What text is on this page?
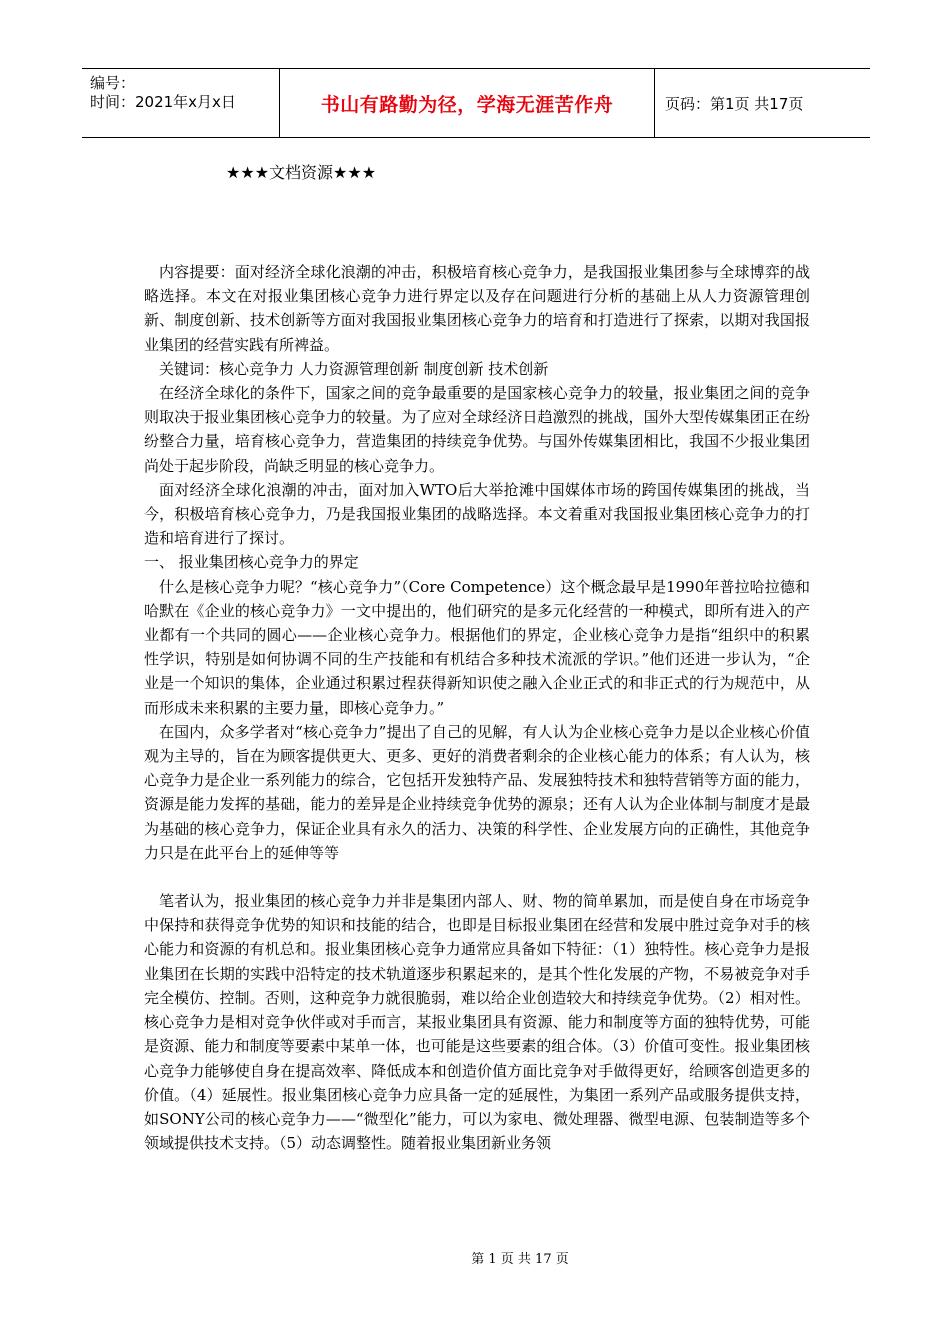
编号：
时间：2021年x月x日	书山有路勤为径，学海无涯苦作舟	页码：第1页 共17页
★★★文档资源★★★

内容提要：面对经济全球化浪潮的冲击，积极培育核心竞争力，是我国报业集团参与全球博弈的战略选择。本文在对报业集团核心竞争力进行界定以及存在问题进行分析的基础上从人力资源管理创新、制度创新、技术创新等方面对我国报业集团核心竞争力的培育和打造进行了探索，以期对我国报业集团的经营实践有所裨益。

关键词：核心竞争力 人力资源管理创新 制度创新 技术创新

在经济全球化的条件下，国家之间的竞争最重要的是国家核心竞争力的较量，报业集团之间的竞争则取决于报业集团核心竞争力的较量。为了应对全球经济日趋激烈的挑战，国外大型传媒集团正在纷纷整合力量，培育核心竞争力，营造集团的持续竞争优势。与国外传媒集团相比，我国不少报业集团尚处于起步阶段，尚缺乏明显的核心竞争力。

面对经济全球化浪潮的冲击，面对加入WTO后大举抢滩中国媒体市场的跨国传媒集团的挑战，当今，积极培育核心竞争力，乃是我国报业集团的战略选择。本文着重对我国报业集团核心竞争力的打造和培育进行了探讨。

一、 报业集团核心竞争力的界定

什么是核心竞争力呢？“核心竞争力”（Core Competence）这个概念最早是1990年普拉哈拉德和哈默在《企业的核心竞争力》一文中提出的，他们研究的是多元化经营的一种模式，即所有进入的产业都有一个共同的圆心——企业核心竞争力。根据他们的界定，企业核心竞争力是指“组织中的积累性学识，特别是如何协调不同的生产技能和有机结合多种技术流派的学识。”他们还进一步认为，“企业是一个知识的集体，企业通过积累过程获得新知识使之融入企业正式的和非正式的行为规范中，从而形成未来积累的主要力量，即核心竞争力。”

在国内，众多学者对“核心竞争力”提出了自己的见解，有人认为企业核心竞争力是以企业核心价值观为主导的，旨在为顾客提供更大、更多、更好的消费者剩余的企业核心能力的体系；有人认为，核心竞争力是企业一系列能力的综合，它包括开发独特产品、发展独特技术和独特营销等方面的能力，资源是能力发挥的基础，能力的差异是企业持续竞争优势的源泉；还有人认为企业体制与制度才是最为基础的核心竞争力，保证企业具有永久的活力、决策的科学性、企业发展方向的正确性，其他竞争力只是在此平台上的延伸等等

笔者认为，报业集团的核心竞争力并非是集团内部人、财、物的简单累加，而是使自身在市场竞争中保持和获得竞争优势的知识和技能的结合，也即是目标报业集团在经营和发展中胜过竞争对手的核心能力和资源的有机总和。报业集团核心竞争力通常应具备如下特征：（1）独特性。核心竞争力是报业集团在长期的实践中沿特定的技术轨道逐步积累起来的，是其个性化发展的产物，不易被竞争对手完全模仿、控制。否则，这种竞争力就很脆弱，难以给企业创造较大和持续竞争优势。（2）相对性。核心竞争力是相对竞争伙伴或对手而言，某报业集团具有资源、能力和制度等方面的独特优势，可能是资源、能力和制度等要素中某单一体，也可能是这些要素的组合体。（3）价值可变性。报业集团核心竞争力能够使自身在提高效率、降低成本和创造价值方面比竞争对手做得更好，给顾客创造更多的价值。（4）延展性。报业集团核心竞争力应具备一定的延展性，为集团一系列产品或服务提供支持，如SONY公司的核心竞争力——“微型化”能力，可以为家电、微处理器、微型电源、包装制造等多个领域提供技术支持。（5）动态调整性。随着报业集团新业务领

第 1 页 共 17 页
